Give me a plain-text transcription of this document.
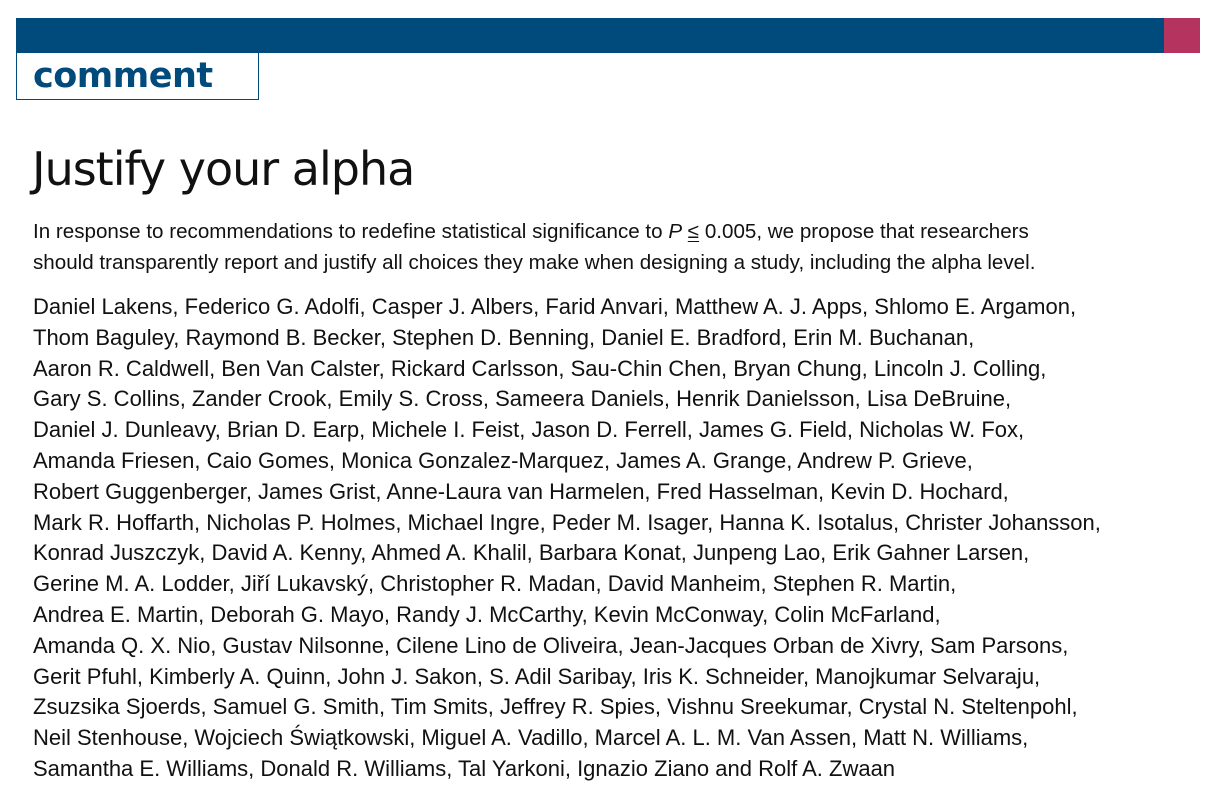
comment
Justify your alpha

In response to recommendations to redefine statistical significance to P ≤ 0.005, we propose that researchers
should transparently report and justify all choices they make when designing a study, including the alpha level.

Daniel Lakens, Federico G. Adolfi, Casper J. Albers, Farid Anvari, Matthew A. J. Apps, Shlomo E. Argamon,
Thom Baguley, Raymond B. Becker, Stephen D. Benning, Daniel E. Bradford, Erin M. Buchanan,
Aaron R. Caldwell, Ben Van Calster, Rickard Carlsson, Sau-Chin Chen, Bryan Chung, Lincoln J. Colling,
Gary S. Collins, Zander Crook, Emily S. Cross, Sameera Daniels, Henrik Danielsson, Lisa DeBruine,
Daniel J. Dunleavy, Brian D. Earp, Michele I. Feist, Jason D. Ferrell, James G. Field, Nicholas W. Fox,
Amanda Friesen, Caio Gomes, Monica Gonzalez-Marquez, James A. Grange, Andrew P. Grieve,
Robert Guggenberger, James Grist, Anne-Laura van Harmelen, Fred Hasselman, Kevin D. Hochard,
Mark R. Hoffarth, Nicholas P. Holmes, Michael Ingre, Peder M. Isager, Hanna K. Isotalus, Christer Johansson,
Konrad Juszczyk, David A. Kenny, Ahmed A. Khalil, Barbara Konat, Junpeng Lao, Erik Gahner Larsen,
Gerine M. A. Lodder, Jiří Lukavský, Christopher R. Madan, David Manheim, Stephen R. Martin,
Andrea E. Martin, Deborah G. Mayo, Randy J. McCarthy, Kevin McConway, Colin McFarland,
Amanda Q. X. Nio, Gustav Nilsonne, Cilene Lino de Oliveira, Jean-Jacques Orban de Xivry, Sam Parsons,
Gerit Pfuhl, Kimberly A. Quinn, John J. Sakon, S. Adil Saribay, Iris K. Schneider, Manojkumar Selvaraju,
Zsuzsika Sjoerds, Samuel G. Smith, Tim Smits, Jeffrey R. Spies, Vishnu Sreekumar, Crystal N. Steltenpohl,
Neil Stenhouse, Wojciech Świątkowski, Miguel A. Vadillo, Marcel A. L. M. Van Assen, Matt N. Williams,
Samantha E. Williams, Donald R. Williams, Tal Yarkoni, Ignazio Ziano and Rolf A. Zwaan
